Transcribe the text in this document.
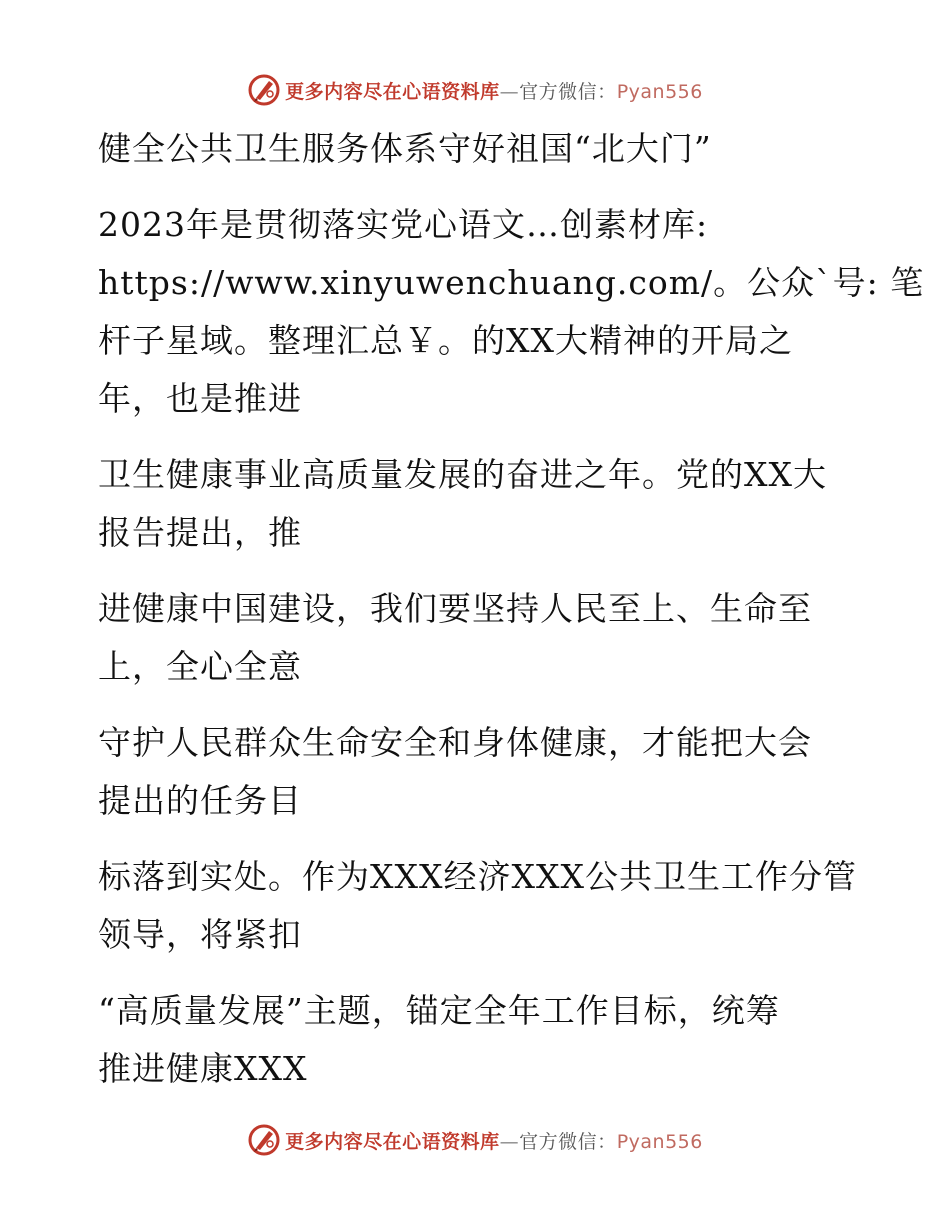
更多内容尽在心语资料库—官方微信：Pyan556
健全公共卫生服务体系守好祖国“北大门”
2023年是贯彻落实党心语文…创素材库:
https://www.xinyuwenchuang.com/。公众`号: 笔
杆子星域。整理汇总￥。的XX大精神的开局之
年，也是推进
卫生健康事业高质量发展的奋进之年。党的XX大
报告提出，推
进健康中国建设，我们要坚持人民至上、生命至
上，全心全意
守护人民群众生命安全和身体健康，才能把大会
提出的任务目
标落到实处。作为XXX经济XXX公共卫生工作分管
领导，将紧扣
“高质量发展”主题，锚定全年工作目标，统筹
推进健康XXX
更多内容尽在心语资料库—官方微信：Pyan556
